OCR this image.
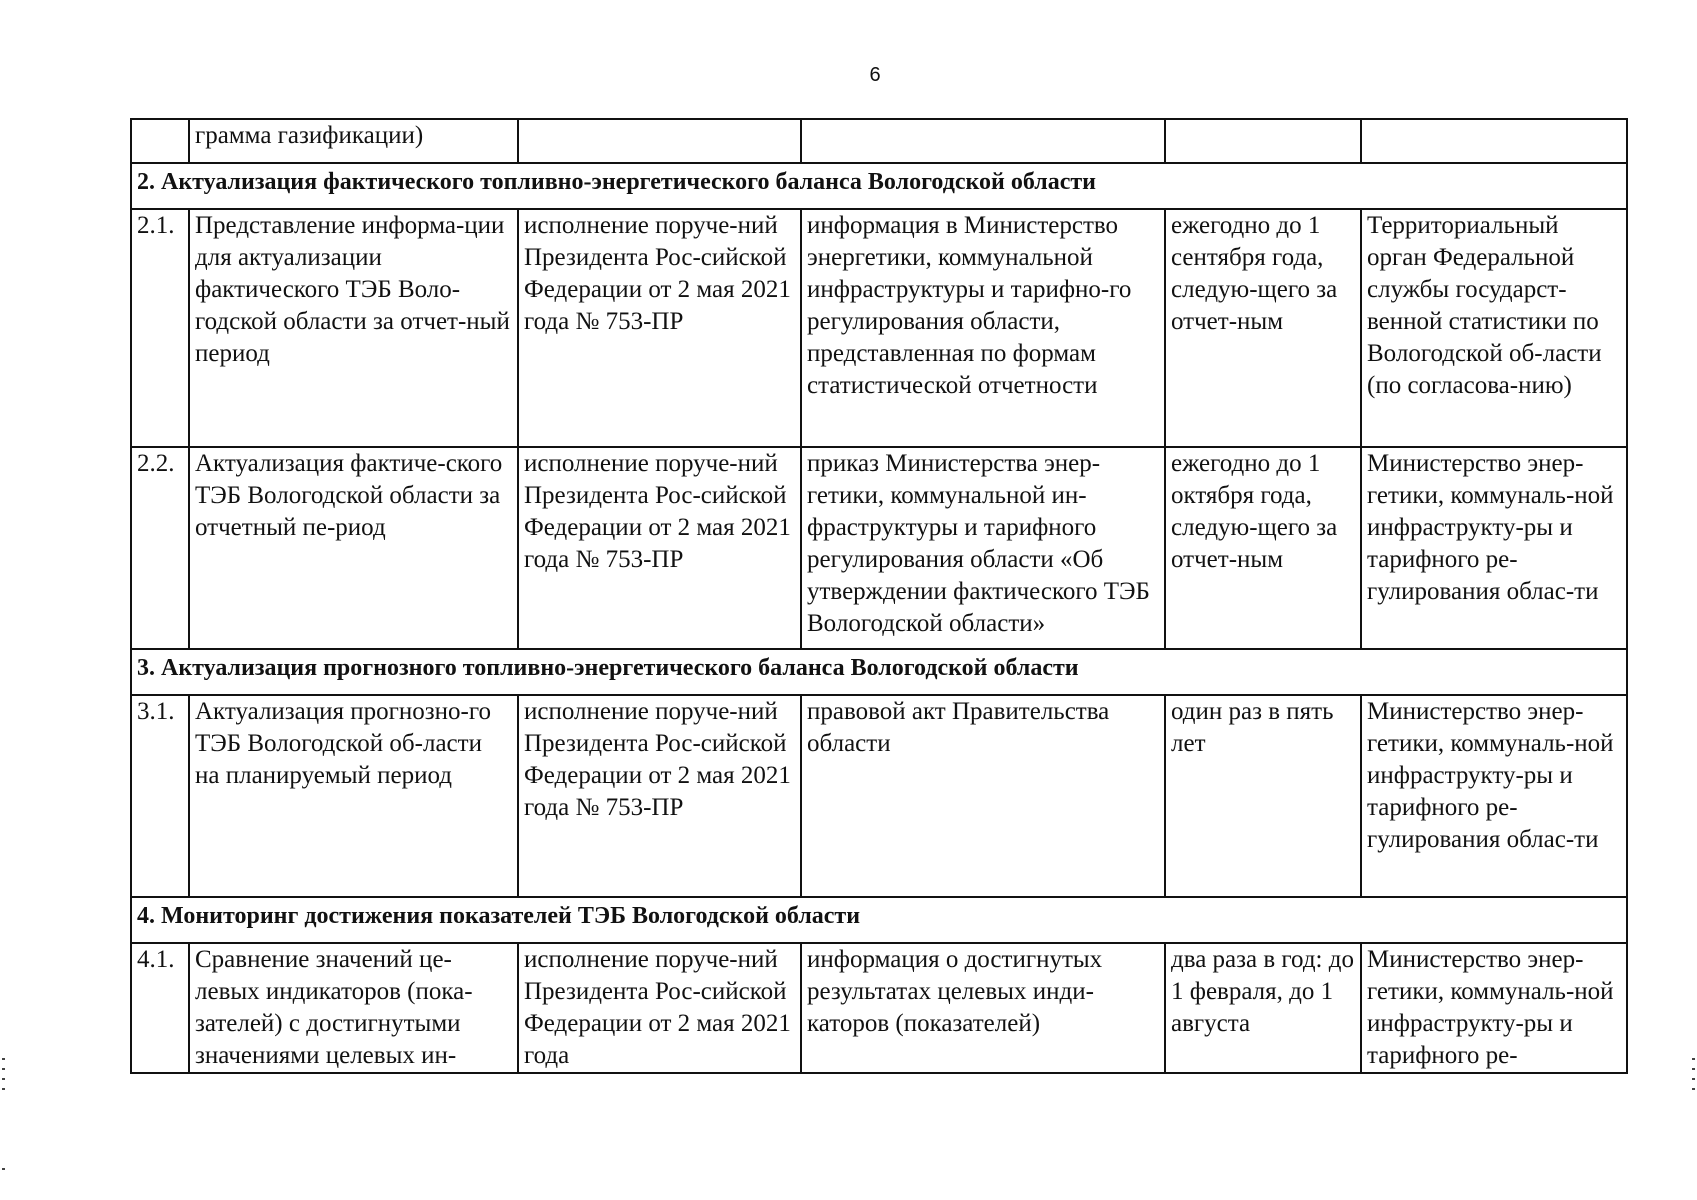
6
	грамма газификации)				
2. Актуализация фактического топливно-энергетического баланса Вологодской области					
2.1.	Представление информа-ции для актуализации фактического ТЭБ Воло-годской области за отчет-ный период	исполнение поруче-ний Президента Рос-сийской Федерации от 2 мая 2021 года № 753-ПР	информация в Министерство энергетики, коммунальной инфраструктуры и тарифно-го регулирования области, представленная по формам статистической отчетности	ежегодно до 1 сентября года, следую-щего за отчет-ным	Территориальный орган Федеральной службы государст-венной статистики по Вологодской об-ласти (по согласова-нию)
2.2.	Актуализация фактиче-ского ТЭБ Вологодской области за отчетный пе-риод	исполнение поруче-ний Президента Рос-сийской Федерации от 2 мая 2021 года № 753-ПР	приказ Министерства энер-гетики, коммунальной ин-фраструктуры и тарифного регулирования области «Об утверждении фактического ТЭБ Вологодской области»	ежегодно до 1 октября года, следую-щего за отчет-ным	Министерство энер-гетики, коммуналь-ной инфраструкту-ры и тарифного ре-гулирования облас-ти
3. Актуализация прогнозного топливно-энергетического баланса Вологодской области					
3.1.	Актуализация прогнозно-го ТЭБ Вологодской об-ласти на планируемый период	исполнение поруче-ний Президента Рос-сийской Федерации от 2 мая 2021 года № 753-ПР	правовой акт Правительства области	один раз в пять лет	Министерство энер-гетики, коммуналь-ной инфраструкту-ры и тарифного ре-гулирования облас-ти
4. Мониторинг достижения показателей ТЭБ Вологодской области					
4.1.	Сравнение значений це-левых индикаторов (пока-зателей) с достигнутыми значениями целевых ин-	исполнение поруче-ний Президента Рос-сийской Федерации от 2 мая 2021 года	информация о достигнутых результатах целевых инди-каторов (показателей)	два раза в год: до 1 февраля, до 1 августа	Министерство энер-гетики, коммуналь-ной инфраструкту-ры и тарифного ре-
